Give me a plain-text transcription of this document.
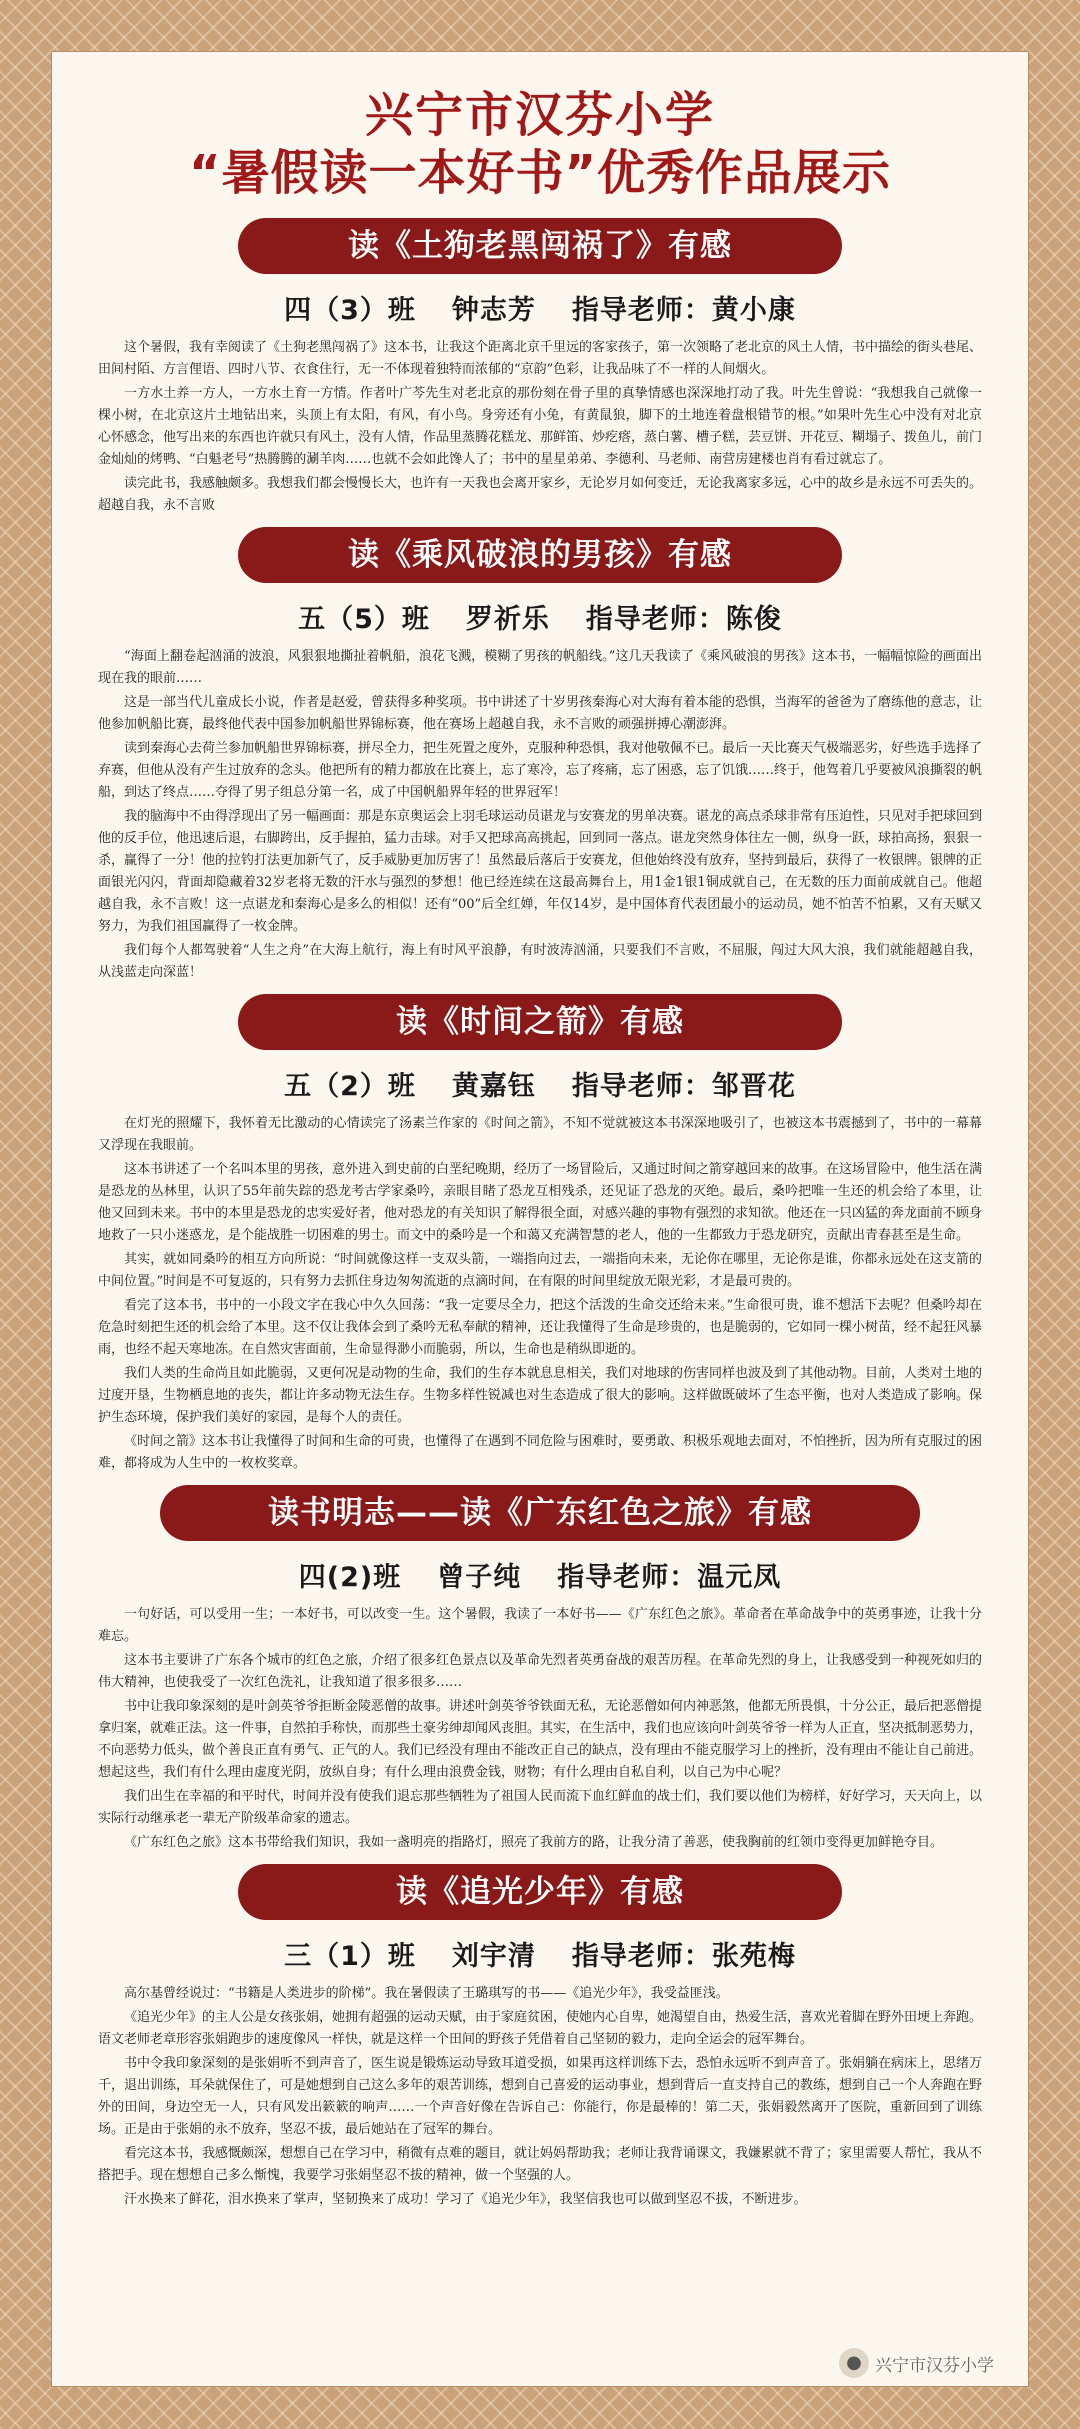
兴宁市汉芬小学
“暑假读一本好书”优秀作品展示
读《土狗老黑闯祸了》有感
四（3）班 钟志芳 指导老师：黄小康

这个暑假，我有幸阅读了《土狗老黑闯祸了》这本书，让我这个距离北京千里远的客家孩子，第一次领略了老北京的风土人情，书中描绘的街头巷尾、田间村陌、方言俚语、四时八节、衣食住行，无一不体现着独特而浓郁的“京韵”色彩，让我品味了不一样的人间烟火。

一方水土养一方人，一方水土育一方情。作者叶广芩先生对老北京的那份刻在骨子里的真挚情感也深深地打动了我。叶先生曾说：“我想我自己就像一棵小树，在北京这片土地钻出来，头顶上有太阳，有风，有小鸟。身旁还有小兔，有黄鼠狼，脚下的土地连着盘根错节的根。”如果叶先生心中没有对北京心怀感念，他写出来的东西也许就只有风土，没有人情，作品里蒸腾花糕龙、那鲜笛、炒疙瘩，蒸白薯、槽子糕，芸豆饼、开花豆、糊塌子、拨鱼儿，前门金灿灿的烤鸭、“白魁老号”热腾腾的涮羊肉……也就不会如此馋人了；书中的星星弟弟、李德利、马老师、南营房建楼也肖有看过就忘了。

读完此书，我感触颇多。我想我们都会慢慢长大，也许有一天我也会离开家乡，无论岁月如何变迁，无论我离家多远，心中的故乡是永远不可丢失的。超越自我，永不言败

读《乘风破浪的男孩》有感
五（5）班 罗祈乐 指导老师：陈俊

“海面上翻卷起汹涌的波浪，风狠狠地撕扯着帆船，浪花飞溅，模糊了男孩的帆船线。”这几天我读了《乘风破浪的男孩》这本书，一幅幅惊险的画面出现在我的眼前……

这是一部当代儿童成长小说，作者是赵爱，曾获得多种奖项。书中讲述了十岁男孩秦海心对大海有着本能的恐惧，当海军的爸爸为了磨练他的意志，让他参加帆船比赛，最终他代表中国参加帆船世界锦标赛，他在赛场上超越自我，永不言败的顽强拼搏心潮澎湃。

读到秦海心去荷兰参加帆船世界锦标赛，拼尽全力，把生死置之度外，克服种种恐惧，我对他敬佩不已。最后一天比赛天气极端恶劣，好些选手选择了弃赛，但他从没有产生过放弃的念头。他把所有的精力都放在比赛上，忘了寒冷，忘了疼痛，忘了困惑，忘了饥饿……终于，他驾着几乎要被风浪撕裂的帆船，到达了终点……夺得了男子组总分第一名，成了中国帆船界年轻的世界冠军！

我的脑海中不由得浮现出了另一幅画面：那是东京奥运会上羽毛球运动员谌龙与安赛龙的男单决赛。谌龙的高点杀球非常有压迫性，只见对手把球回到他的反手位，他迅速后退，右脚跨出，反手握拍，猛力击球。对手又把球高高挑起，回到同一落点。谌龙突然身体往左一侧，纵身一跃，球拍高扬，狠狠一杀，赢得了一分！他的拉钓打法更加新气了，反手威胁更加厉害了！虽然最后落后于安赛龙，但他始终没有放弃，坚持到最后，获得了一枚银牌。银牌的正面银光闪闪，背面却隐藏着32岁老将无数的汗水与强烈的梦想！他已经连续在这最高舞台上，用1金1银1铜成就自己，在无数的压力面前成就自己。他超越自我，永不言败！这一点谌龙和秦海心是多么的相似！还有“00”后全红婵，年仅14岁，是中国体育代表团最小的运动员，她不怕苦不怕累，又有天赋又努力，为我们祖国赢得了一枚金牌。

我们每个人都驾驶着“人生之舟”在大海上航行，海上有时风平浪静，有时波涛汹涌，只要我们不言败，不屈服，闯过大风大浪，我们就能超越自我，从浅蓝走向深蓝！

读《时间之箭》有感
五（2）班 黄嘉钰 指导老师：邹晋花

在灯光的照耀下，我怀着无比激动的心情读完了汤素兰作家的《时间之箭》，不知不觉就被这本书深深地吸引了，也被这本书震撼到了，书中的一幕幕又浮现在我眼前。

这本书讲述了一个名叫本里的男孩，意外进入到史前的白垩纪晚期，经历了一场冒险后，又通过时间之箭穿越回来的故事。在这场冒险中，他生活在满是恐龙的丛林里，认识了55年前失踪的恐龙考古学家桑吟，亲眼目睹了恐龙互相残杀，还见证了恐龙的灭绝。最后，桑吟把唯一生还的机会给了本里，让他又回到未来。书中的本里是恐龙的忠实爱好者，他对恐龙的有关知识了解得很全面，对感兴趣的事物有强烈的求知欲。他还在一只凶猛的奔龙面前不顾身地救了一只小迷惑龙，是个能战胜一切困难的男士。而文中的桑吟是一个和蔼又充满智慧的老人，他的一生都致力于恐龙研究，贡献出青春甚至是生命。

其实，就如同桑吟的相互方向所说：“时间就像这样一支双头箭，一端指向过去，一端指向未来，无论你在哪里，无论你是谁，你都永远处在这支箭的中间位置。”时间是不可复返的，只有努力去抓住身边匆匆流逝的点滴时间，在有限的时间里绽放无限光彩，才是最可贵的。

看完了这本书，书中的一小段文字在我心中久久回荡：“我一定要尽全力，把这个活泼的生命交还给未来。”生命很可贵，谁不想活下去呢？但桑吟却在危急时刻把生还的机会给了本里。这不仅让我体会到了桑吟无私奉献的精神，还让我懂得了生命是珍贵的，也是脆弱的，它如同一棵小树苗，经不起狂风暴雨，也经不起天寒地冻。在自然灾害面前，生命显得渺小而脆弱，所以，生命也是稍纵即逝的。

我们人类的生命尚且如此脆弱，又更何况是动物的生命，我们的生存本就息息相关，我们对地球的伤害同样也波及到了其他动物。目前，人类对土地的过度开垦，生物栖息地的丧失，都让许多动物无法生存。生物多样性锐减也对生态造成了很大的影响。这样做既破坏了生态平衡，也对人类造成了影响。保护生态环境，保护我们美好的家园，是每个人的责任。

《时间之箭》这本书让我懂得了时间和生命的可贵，也懂得了在遇到不同危险与困难时，要勇敢、积极乐观地去面对，不怕挫折，因为所有克服过的困难，都将成为人生中的一枚枚奖章。

读书明志——读《广东红色之旅》有感
四(2)班 曾子纯 指导老师：温元凤

一句好话，可以受用一生；一本好书，可以改变一生。这个暑假，我读了一本好书——《广东红色之旅》。革命者在革命战争中的英勇事迹，让我十分难忘。

这本书主要讲了广东各个城市的红色之旅，介绍了很多红色景点以及革命先烈者英勇奋战的艰苦历程。在革命先烈的身上，让我感受到一种视死如归的伟大精神，也使我受了一次红色洗礼，让我知道了很多很多……

书中让我印象深刻的是叶剑英爷爷拒断金陵恶僧的故事。讲述叶剑英爷爷铁面无私，无论恶僧如何内神恶煞，他都无所畏惧，十分公正，最后把恶僧提拿归案，就难正法。这一件事，自然拍手称快，而那些土豪劣绅却闻风丧胆。其实，在生活中，我们也应该向叶剑英爷爷一样为人正直，坚决抵制恶势力，不向恶势力低头，做个善良正直有勇气、正气的人。我们已经没有理由不能改正自己的缺点，没有理由不能克服学习上的挫折，没有理由不能让自己前进。想起这些，我们有什么理由虚度光阴，放纵自身；有什么理由浪费金钱，财物；有什么理由自私自利，以自己为中心呢？

我们出生在幸福的和平时代，时间并没有使我们退忘那些牺牲为了祖国人民而流下血红鲜血的战士们，我们要以他们为榜样，好好学习，天天向上，以实际行动继承老一辈无产阶级革命家的遗志。

《广东红色之旅》这本书带给我们知识，我如一盏明亮的指路灯，照亮了我前方的路，让我分清了善恶，使我胸前的红领巾变得更加鲜艳夺目。

读《追光少年》有感
三（1）班 刘宇清 指导老师：张苑梅

高尔基曾经说过：“书籍是人类进步的阶梯”。我在暑假读了王璐琪写的书——《追光少年》，我受益匪浅。

《追光少年》的主人公是女孩张娟，她拥有超强的运动天赋，由于家庭贫困，使她内心自卑，她渴望自由，热爱生活，喜欢光着脚在野外田埂上奔跑。语文老师老章形容张娟跑步的速度像风一样快，就是这样一个田间的野孩子凭借着自己坚韧的毅力，走向全运会的冠军舞台。

书中令我印象深刻的是张娟听不到声音了，医生说是锻炼运动导致耳道受损，如果再这样训练下去，恐怕永远听不到声音了。张娟躺在病床上，思绪万千，退出训练，耳朵就保住了，可是她想到自己这么多年的艰苦训练，想到自己喜爱的运动事业，想到背后一直支持自己的教练，想到自己一个人奔跑在野外的田间，身边空无一人，只有风发出簌簌的响声……一个声音好像在告诉自己：你能行，你是最棒的！第二天，张娟毅然离开了医院，重新回到了训练场。正是由于张娟的永不放弃，坚忍不拔，最后她站在了冠军的舞台。

看完这本书，我感慨颇深，想想自己在学习中，稍微有点难的题目，就让妈妈帮助我；老师让我背诵课文，我嫌累就不背了；家里需要人帮忙，我从不搭把手。现在想想自己多么惭愧，我要学习张娟坚忍不拔的精神，做一个坚强的人。

汗水换来了鲜花，泪水换来了掌声，坚韧换来了成功！学习了《追光少年》，我坚信我也可以做到坚忍不拔，不断进步。

● 兴宁市汉芬小学
